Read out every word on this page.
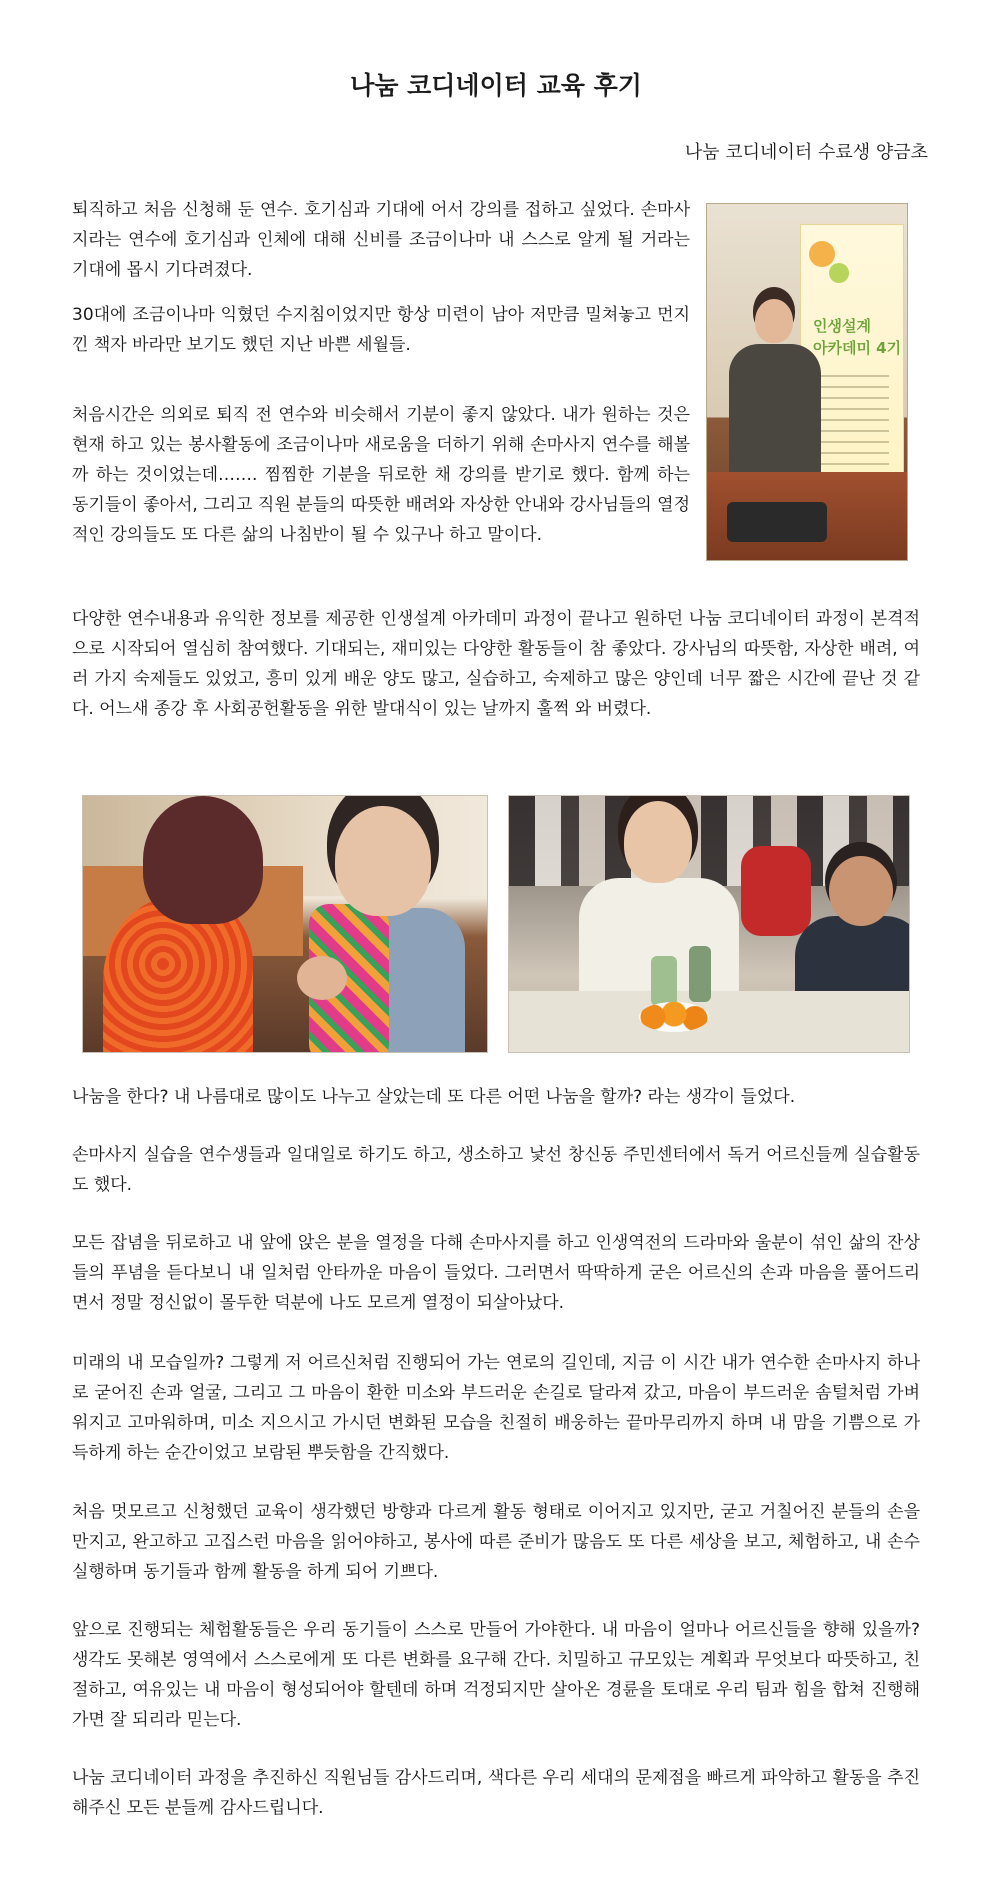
나눔 코디네이터 교육 후기

나눔 코디네이터 수료생 양금초

퇴직하고 처음 신청해 둔 연수. 호기심과 기대에 어서 강의를 접하고 싶었다. 손마사지라는 연수에 호기심과 인체에 대해 신비를 조금이나마 내 스스로 알게 될 거라는 기대에 몹시 기다려졌다.

30대에 조금이나마 익혔던 수지침이었지만 항상 미련이 남아 저만큼 밀쳐놓고 먼지 낀 책자 바라만 보기도 했던 지난 바쁜 세월들.

처음시간은 의외로 퇴직 전 연수와 비슷해서 기분이 좋지 않았다. 내가 원하는 것은 현재 하고 있는 봉사활동에 조금이나마 새로움을 더하기 위해 손마사지 연수를 해볼까 하는 것이었는데……. 찜찜한 기분을 뒤로한 채 강의를 받기로 했다. 함께 하는 동기들이 좋아서, 그리고 직원 분들의 따뜻한 배려와 자상한 안내와 강사님들의 열정적인 강의들도 또 다른 삶의 나침반이 될 수 있구나 하고 말이다.

인생설계
아카데미 4기

다양한 연수내용과 유익한 정보를 제공한 인생설계 아카데미 과정이 끝나고 원하던 나눔 코디네이터 과정이 본격적으로 시작되어 열심히 참여했다. 기대되는, 재미있는 다양한 활동들이 참 좋았다. 강사님의 따뜻함, 자상한 배려, 여러 가지 숙제들도 있었고, 흥미 있게 배운 양도 많고, 실습하고, 숙제하고 많은 양인데 너무 짧은 시간에 끝난 것 같다. 어느새 종강 후 사회공헌활동을 위한 발대식이 있는 날까지 훌쩍 와 버렸다.

나눔을 한다? 내 나름대로 많이도 나누고 살았는데 또 다른 어떤 나눔을 할까? 라는 생각이 들었다.

손마사지 실습을 연수생들과 일대일로 하기도 하고, 생소하고 낯선 창신동 주민센터에서 독거 어르신들께 실습활동도 했다.

모든 잡념을 뒤로하고 내 앞에 앉은 분을 열정을 다해 손마사지를 하고 인생역전의 드라마와 울분이 섞인 삶의 잔상들의 푸념을 듣다보니 내 일처럼 안타까운 마음이 들었다. 그러면서 딱딱하게 굳은 어르신의 손과 마음을 풀어드리면서 정말 정신없이 몰두한 덕분에 나도 모르게 열정이 되살아났다.

미래의 내 모습일까? 그렇게 저 어르신처럼 진행되어 가는 연로의 길인데, 지금 이 시간 내가 연수한 손마사지 하나로 굳어진 손과 얼굴, 그리고 그 마음이 환한 미소와 부드러운 손길로 달라져 갔고, 마음이 부드러운 솜털처럼 가벼워지고 고마워하며, 미소 지으시고 가시던 변화된 모습을 친절히 배웅하는 끝마무리까지 하며 내 맘을 기쁨으로 가득하게 하는 순간이었고 보람된 뿌듯함을 간직했다.

처음 멋모르고 신청했던 교육이 생각했던 방향과 다르게 활동 형태로 이어지고 있지만, 굳고 거칠어진 분들의 손을 만지고, 완고하고 고집스런 마음을 읽어야하고, 봉사에 따른 준비가 많음도 또 다른 세상을 보고, 체험하고, 내 손수 실행하며 동기들과 함께 활동을 하게 되어 기쁘다.

앞으로 진행되는 체험활동들은 우리 동기들이 스스로 만들어 가야한다. 내 마음이 얼마나 어르신들을 향해 있을까? 생각도 못해본 영역에서 스스로에게 또 다른 변화를 요구해 간다. 치밀하고 규모있는 계획과 무엇보다 따뜻하고, 친절하고, 여유있는 내 마음이 형성되어야 할텐데 하며 걱정되지만 살아온 경륜을 토대로 우리 팀과 힘을 합쳐 진행해 가면 잘 되리라 믿는다.

나눔 코디네이터 과정을 추진하신 직원님들 감사드리며, 색다른 우리 세대의 문제점을 빠르게 파악하고 활동을 추진해주신 모든 분들께 감사드립니다.
